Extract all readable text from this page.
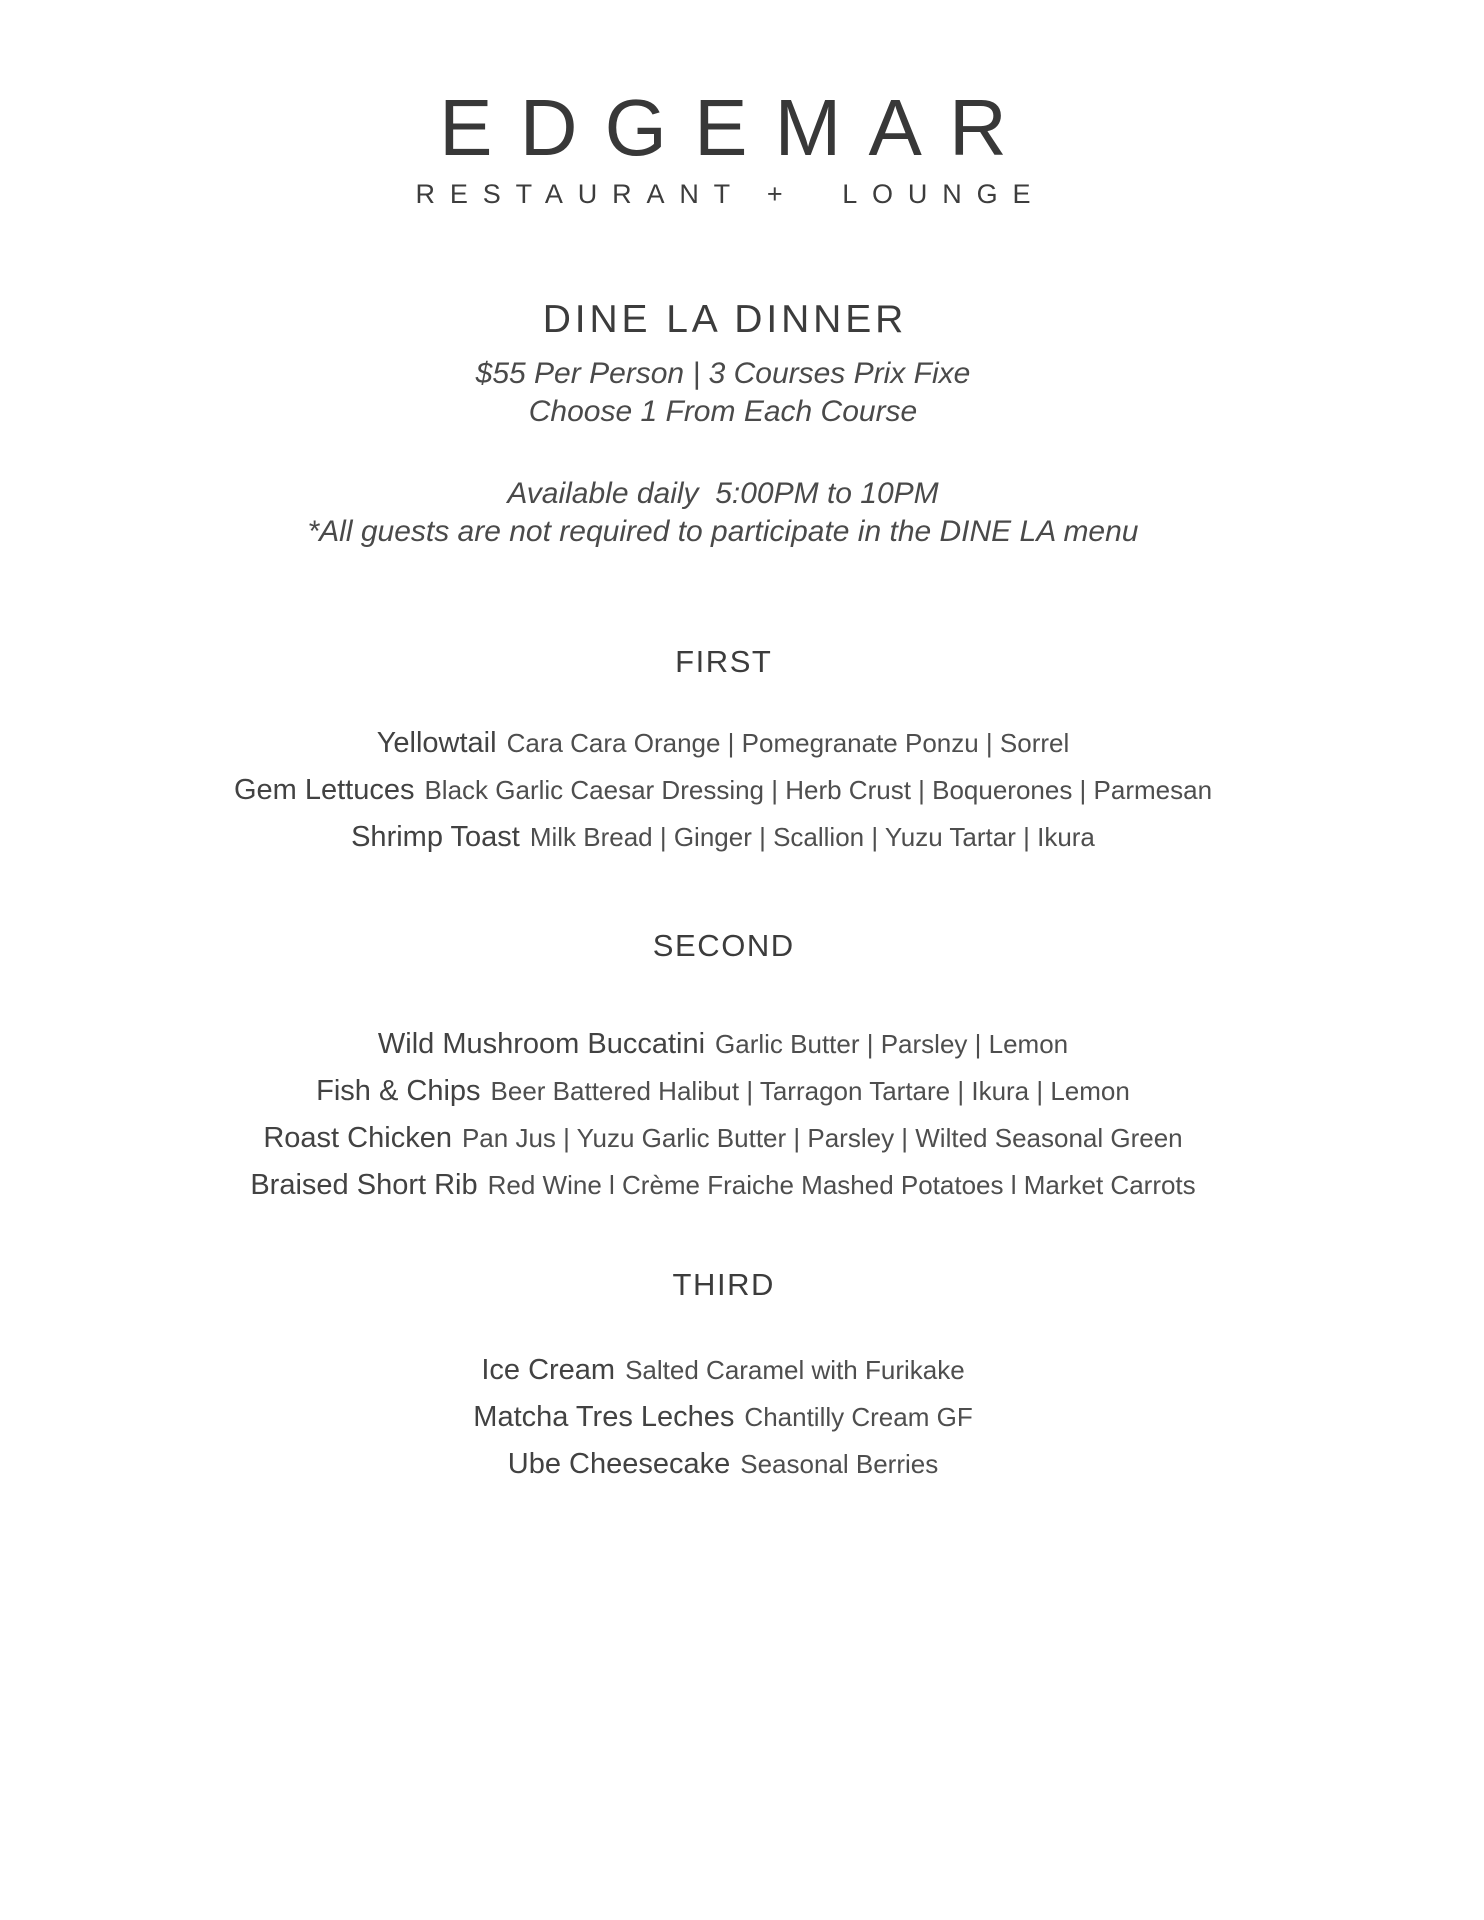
EDGEMAR
RESTAURANT +  LOUNGE
DINE LA DINNER
$55 Per Person | 3 Courses Prix Fixe
Choose 1 From Each Course
Available daily  5:00PM to 10PM
*All guests are not required to participate in the DINE LA menu
FIRST
Yellowtail Cara Cara Orange | Pomegranate Ponzu | Sorrel
Gem Lettuces Black Garlic Caesar Dressing | Herb Crust | Boquerones | Parmesan
Shrimp Toast Milk Bread | Ginger | Scallion | Yuzu Tartar | Ikura
SECOND
Wild Mushroom Buccatini Garlic Butter | Parsley | Lemon
Fish & Chips Beer Battered Halibut | Tarragon Tartare | Ikura | Lemon
Roast Chicken Pan Jus | Yuzu Garlic Butter | Parsley | Wilted Seasonal Green
Braised Short Rib Red Wine l Crème Fraiche Mashed Potatoes l Market Carrots
THIRD
Ice Cream Salted Caramel with Furikake
Matcha Tres Leches Chantilly Cream GF
Ube Cheesecake Seasonal Berries
